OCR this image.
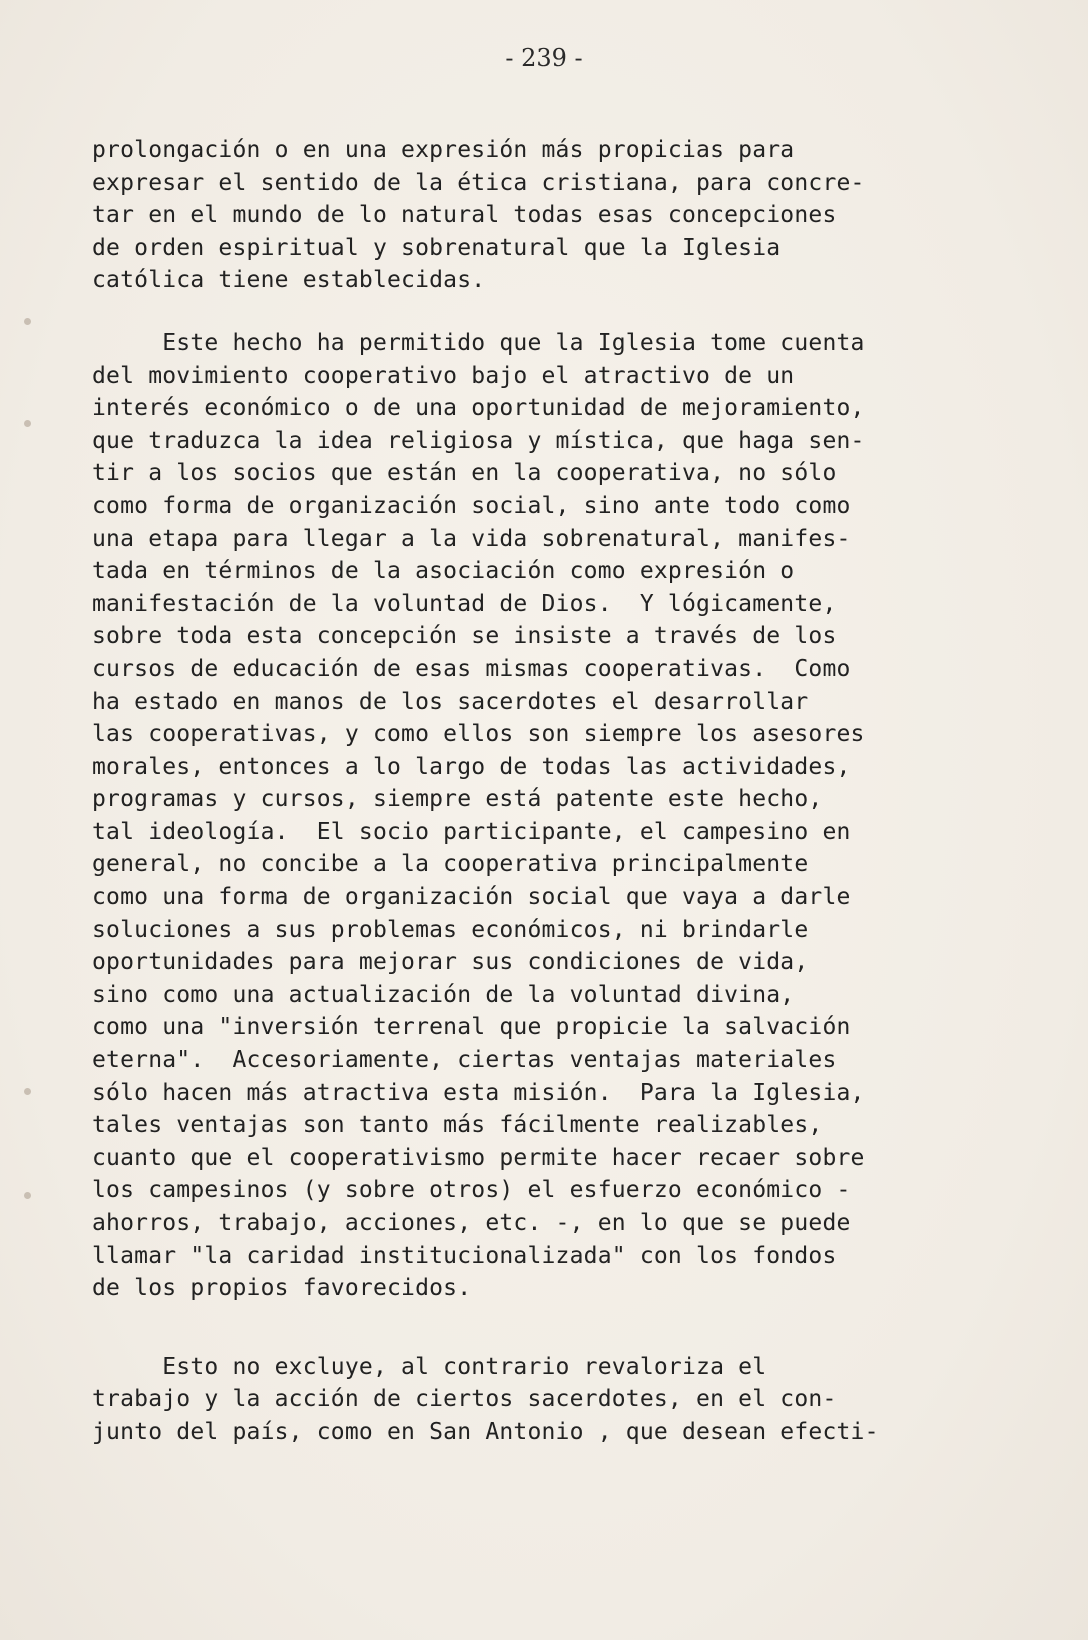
- 239 -
prolongación o en una expresión más propicias para
expresar el sentido de la ética cristiana, para concre-
tar en el mundo de lo natural todas esas concepciones
de orden espiritual y sobrenatural que la Iglesia
católica tiene establecidas.
Este hecho ha permitido que la Iglesia tome cuenta
del movimiento cooperativo bajo el atractivo de un
interés económico o de una oportunidad de mejoramiento,
que traduzca la idea religiosa y mística, que haga sen-
tir a los socios que están en la cooperativa, no sólo
como forma de organización social, sino ante todo como
una etapa para llegar a la vida sobrenatural, manifes-
tada en términos de la asociación como expresión o
manifestación de la voluntad de Dios.  Y lógicamente,
sobre toda esta concepción se insiste a través de los
cursos de educación de esas mismas cooperativas.  Como
ha estado en manos de los sacerdotes el desarrollar
las cooperativas, y como ellos son siempre los asesores
morales, entonces a lo largo de todas las actividades,
programas y cursos, siempre está patente este hecho,
tal ideología.  El socio participante, el campesino en
general, no concibe a la cooperativa principalmente
como una forma de organización social que vaya a darle
soluciones a sus problemas económicos, ni brindarle
oportunidades para mejorar sus condiciones de vida,
sino como una actualización de la voluntad divina,
como una "inversión terrenal que propicie la salvación
eterna".  Accesoriamente, ciertas ventajas materiales
sólo hacen más atractiva esta misión.  Para la Iglesia,
tales ventajas son tanto más fácilmente realizables,
cuanto que el cooperativismo permite hacer recaer sobre
los campesinos (y sobre otros) el esfuerzo económico -
ahorros, trabajo, acciones, etc. -, en lo que se puede
llamar "la caridad institucionalizada" con los fondos
de los propios favorecidos.
Esto no excluye, al contrario revaloriza el
trabajo y la acción de ciertos sacerdotes, en el con-
junto del país, como en San Antonio , que desean efecti-
